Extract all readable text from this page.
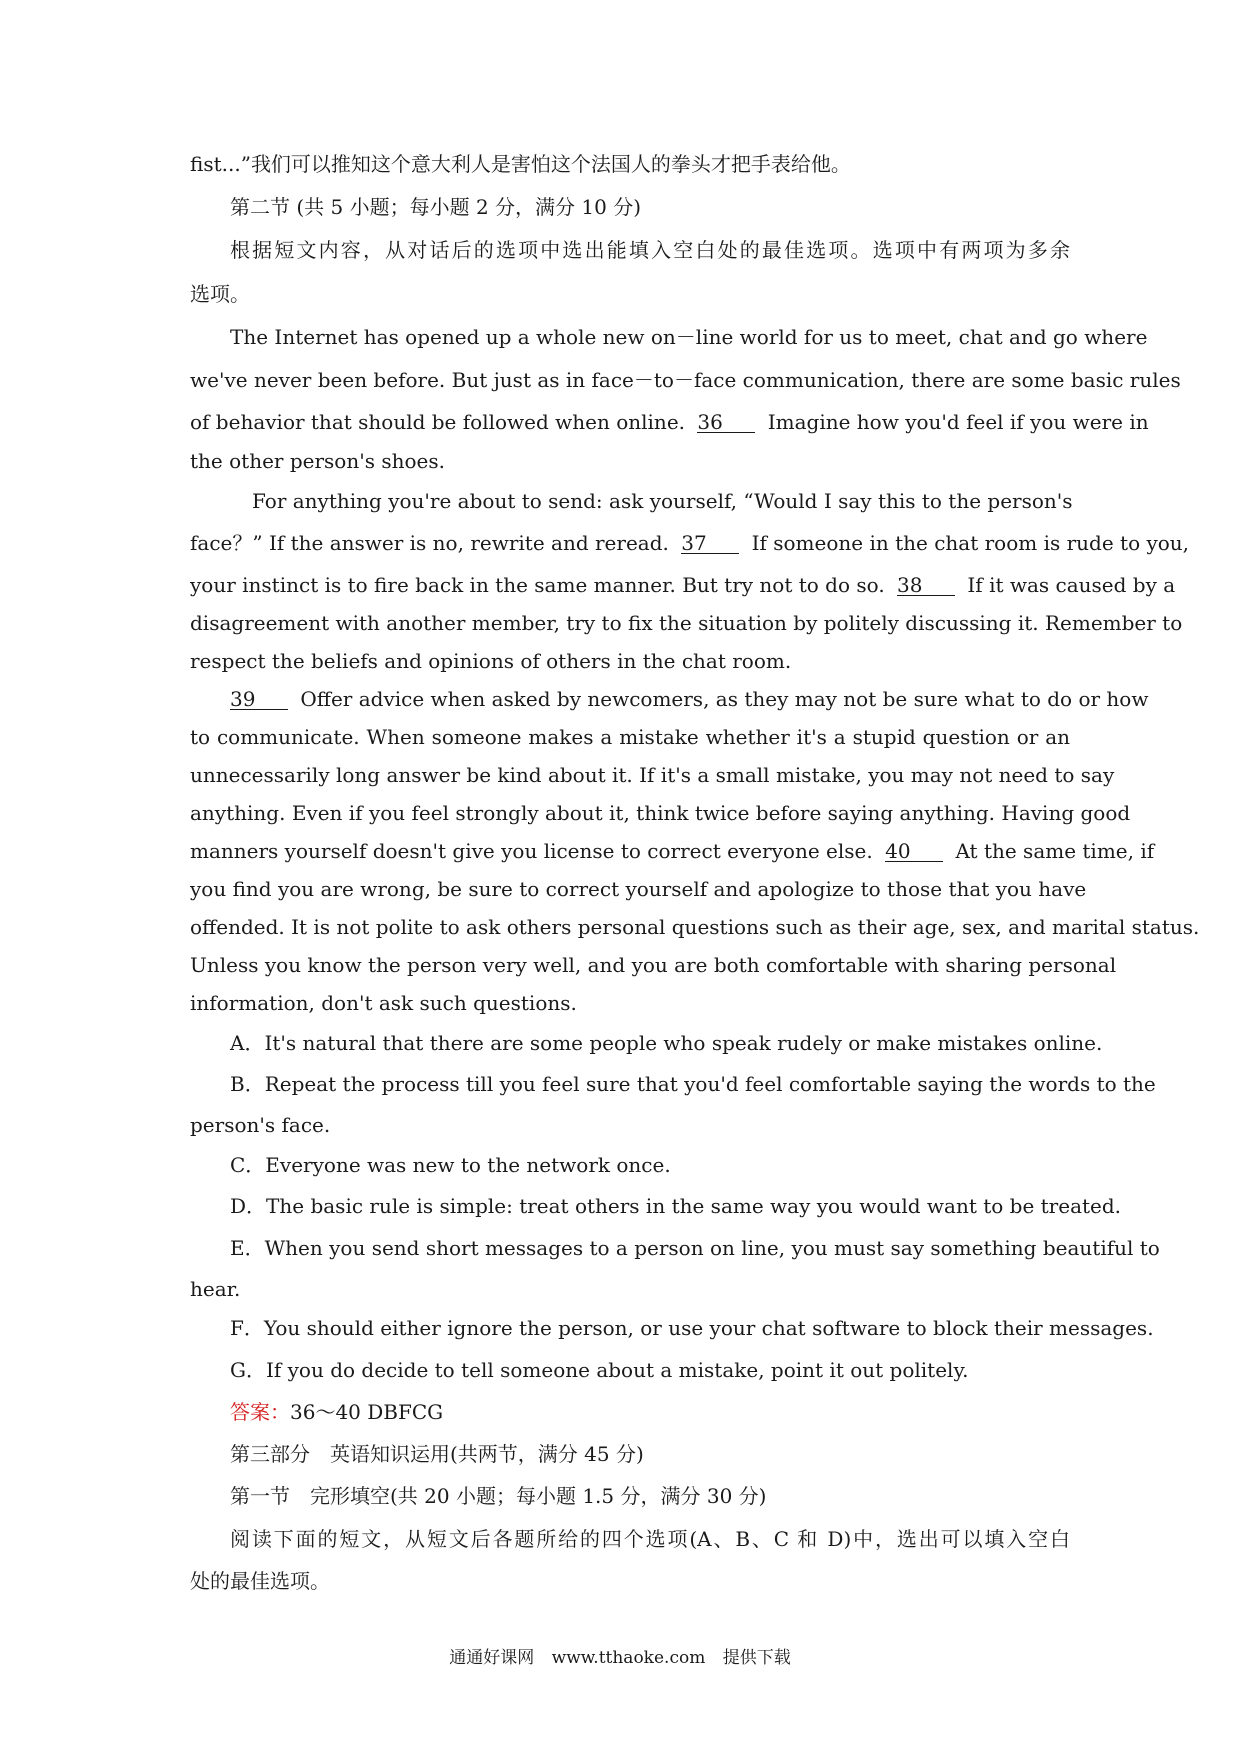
fist...”我们可以推知这个意大利人是害怕这个法国人的拳头才把手表给他。
第二节 (共 5 小题；每小题 2 分，满分 10 分)
根据短文内容，从对话后的选项中选出能填入空白处的最佳选项。选项中有两项为多余
选项。
The Internet has opened up a whole new on－line world for us to meet, chat and go where
we've never been before. But just as in face－to－face communication, there are some basic rules
of behavior that should be followed when online. 36 Imagine how you'd feel if you were in
the other person's shoes.
For anything you're about to send: ask yourself, “Would I say this to the person's
face？” If the answer is no, rewrite and reread. 37 If someone in the chat room is rude to you,
your instinct is to fire back in the same manner. But try not to do so. 38 If it was caused by a
disagreement with another member, try to fix the situation by politely discussing it. Remember to
respect the beliefs and opinions of others in the chat room.
39 Offer advice when asked by newcomers, as they may not be sure what to do or how
to communicate. When someone makes a mistake whether it's a stupid question or an
unnecessarily long answer be kind about it. If it's a small mistake, you may not need to say
anything. Even if you feel strongly about it, think twice before saying anything. Having good
manners yourself doesn't give you license to correct everyone else. 40 At the same time, if
you find you are wrong, be sure to correct yourself and apologize to those that you have
offended. It is not polite to ask others personal questions such as their age, sex, and marital status.
Unless you know the person very well, and you are both comfortable with sharing personal
information, don't ask such questions.
A．It's natural that there are some people who speak rudely or make mistakes online.
B．Repeat the process till you feel sure that you'd feel comfortable saying the words to the
person's face.
C．Everyone was new to the network once.
D．The basic rule is simple: treat others in the same way you would want to be treated.
E．When you send short messages to a person on line, you must say something beautiful to
hear.
F．You should either ignore the person, or use your chat software to block their messages.
G．If you do decide to tell someone about a mistake, point it out politely.
答案：36～40 DBFCG
第三部分　英语知识运用(共两节，满分 45 分)
第一节　完形填空(共 20 小题；每小题 1.5 分，满分 30 分)
阅读下面的短文，从短文后各题所给的四个选项(A、B、C 和 D)中，选出可以填入空白
处的最佳选项。
通通好课网 www.tthaoke.com 提供下载
